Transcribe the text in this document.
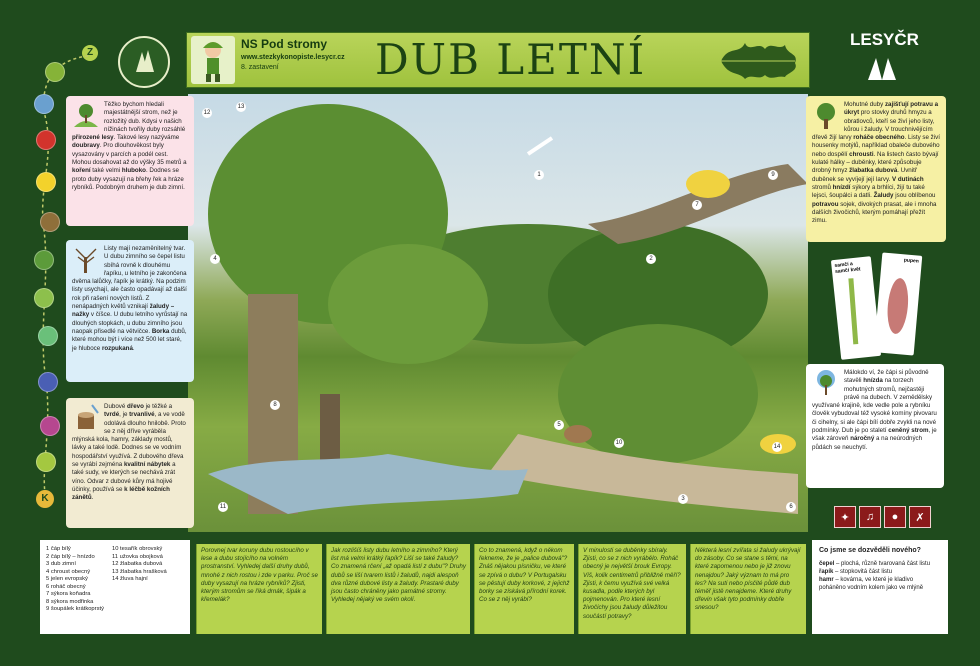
Z
K
NS Pod stromy
www.stezkykonopiste.lesycr.cz
8. zastavení	DUB LETNÍ	LESYČR
1
2
3
4
5
6
7
8
9
10
11
12
13
14
Těžko bychom hledali majestátnější strom, než je rozložitý dub. Kdysi v našich nížinách tvořily duby rozsáhlé přirozené lesy. Takové lesy nazýváme doubravy. Pro dlouhověkost byly vysazovány v parcích a podél cest. Mohou dosahovat až do výšky 35 metrů a koření také velmi hluboko. Dodnes se proto duby vysazují na břehy řek a hráze rybníků. Podobným druhem je dub zimní.
Listy mají nezaměnitelný tvar. U dubu zimního se čepel listu sbíhá rovně k dlouhému řapíku, u letního je zakončena dvěma lalůčky, řapík je krátký. Na podzim listy usychají, ale často opadávají až další rok při rašení nových listů. Z nenápadných květů vznikají žaludy – nažky v číšce. U dubu letního vyrůstají na dlouhých stopkách, u dubu zimního jsou naopak přisedlé na větvičce. Borka dubů, které mohou být i více než 500 let staré, je hluboce rozpukaná.
Dubové dřevo je těžké a tvrdé, je trvanlivé, a ve vodě odolává dlouho hnilobě. Proto se z něj dříve vyráběla mlýnská kola, hamry, základy mostů, lávky a také lodě. Dodnes se ve vodním hospodářství využívá. Z dubového dřeva se vyrábí zejména kvalitní nábytek a také sudy, ve kterých se nechává zrát víno. Odvar z dubové kůry má hojivé účinky, používá se k léčbě kožních zánětů.
Mohutné duby zajišťují potravu a úkryt pro stovky druhů hmyzu a obratlovců, kteří se živí jeho listy, kůrou i žaludy. V trouchnivějícím dřevě žijí larvy roháče obecného. Listy se živí housenky motýlů, například obaleče dubového nebo dospělí chrousti. Na listech často bývají kulaté hálky – duběnky, které způsobuje drobný hmyz žlabatka dubová. Uvnitř duběnek se vyvíjejí její larvy. V dutinách stromů hnízdí sýkory a brhlíci, žijí tu také lejsci, šoupálci a datli. Žaludy jsou oblíbenou potravou sojek, divokých prasat, ale i mnoha dalších živočichů, kterým pomáhají přežít zimu.
Málokdo ví, že čápi si původně stavěli hnízda na torzech mohutných stromů, nejčastěji právě na dubech. V zemědělsky využívané krajině, kde vedle pole a rybníku člověk vybudoval též vysoké komíny pivovaru či cihelny, si ale čápi bílí dobře zvykli na nové podmínky. Dub je po staletí ceněný strom, je však zároveň náročný a na neúrodných půdách se neuchytí.
samčí a samčí květ
pupen
✦	♫	●	✗
1 čáp bílý
2 čáp bílý – hnízdo
3 dub zimní
4 chroust obecný
5 jelen evropský
6 roháč obecný
7 sýkora koňadra
8 sýkora modřinka
9 šoupálek krátkoprstý
10 tesařík obrovský
11 užovka obojková
12 žlabatka dubová
13 žlabatka hrašková
14 žluva hajní
Porovnej tvar koruny dubu rostoucího v lese a dubu stojícího na volném prostranství. Vyhledej další druhy dubů, mnohé z nich rostou i zde v parku. Proč se duby vysazují na hráze rybníků? Zjisti, kterým stromům se říká drnák, šipák a křemelák?
Jak rozlišíš listy dubu letního a zimního? Který list má velmi krátký řapík? Liší se také žaludy? Co znamená rčení „až opadá listí z dubu"? Druhy dubů se liší tvarem listů i žaludů, najdi alespoň dva různé dubové listy a žaludy. Prastaré duby jsou často chráněny jako památné stromy. Vyhledej nějaký ve svém okolí.
Co to znamená, když o někom řekneme, že je „palice dubová"? Znáš nějakou písničku, ve které se zpívá o dubu? V Portugalsku se pěstují duby korkové, z jejichž borky se získává přírodní korek. Co se z něj vyrábí?
V minulosti se duběnky sbíraly. Zjisti, co se z nich vyrábělo. Roháč obecný je největší brouk Evropy. Víš, kolik centimetrů přibližně měří? Zjisti, k čemu využívá své velká kusadla, podle kterých byl pojmenován. Pro které lesní živočichy jsou žaludy důležitou součástí potravy?
Některá lesní zvířata si žaludy ukrývají do zásoby. Co se stane s těmi, na které zapomenou nebo je již znovu nenajdou? Jaký význam to má pro les? Na suti nebo písčité půdě dub téměř jistě nenajdeme. Které druhy dřevin však tyto podmínky dobře snesou?
Co jsme se dozvěděli nového?
čepel – plochá, různě tvarovaná část listu
řapík – stopkovitá část listu
hamr – kovárna, ve které je kladivo poháněno vodním kolem jako ve mlýně
